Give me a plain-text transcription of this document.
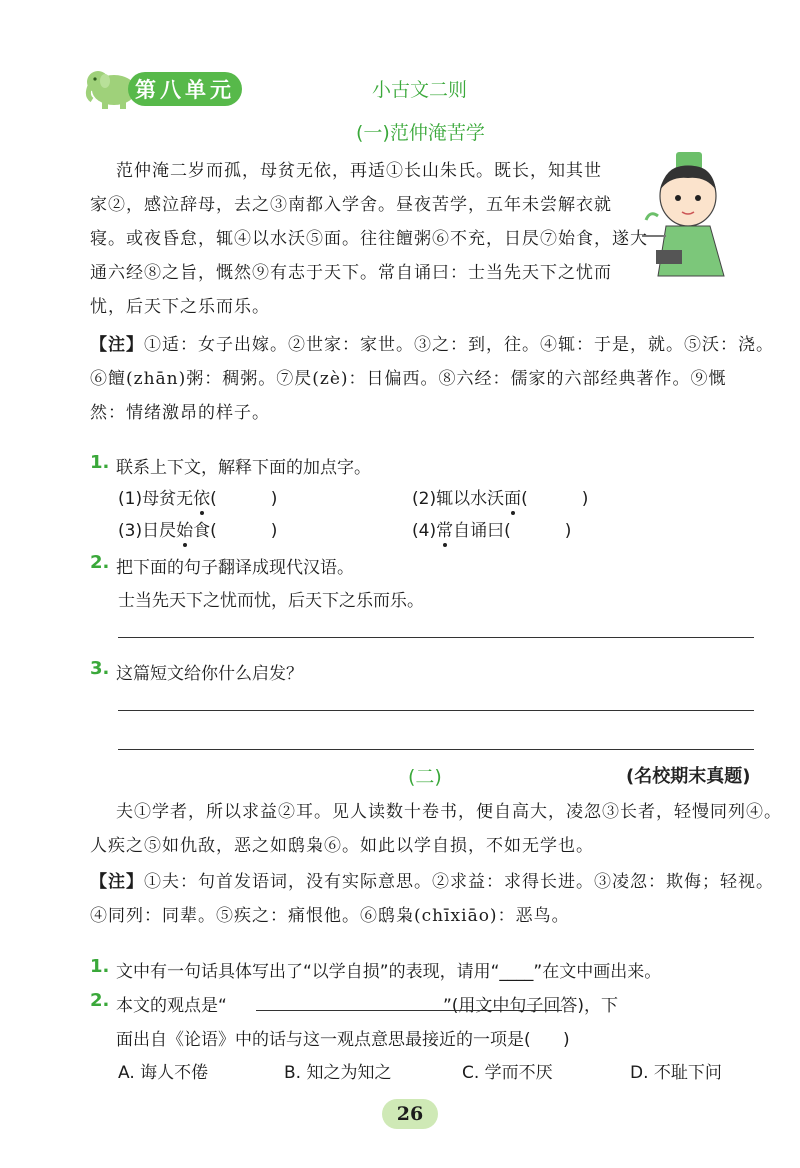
第八单元	小古文二则
(一)范仲淹苦学
范仲淹二岁而孤，母贫无依，再适①长山朱氏。既长，知其世
家②，感泣辞母，去之③南都入学舍。昼夜苦学，五年未尝解衣就
寝。或夜昏怠，辄④以水沃⑤面。往往饘粥⑥不充，日昃⑦始食，遂大
通六经⑧之旨，慨然⑨有志于天下。常自诵曰：士当先天下之忧而
忧，后天下之乐而乐。
【注】①适：女子出嫁。②世家：家世。③之：到，往。④辄：于是，就。⑤沃：浇。
⑥饘(zhān)粥：稠粥。⑦昃(zè)：日偏西。⑧六经：儒家的六部经典著作。⑨慨
然：情绪激昂的样子。
1. 联系上下文，解释下面的加点字。
(1)母贫无依(          )	(2)辄以水沃面(          )
(3)日昃始食(          )	(4)常自诵曰(          )
2. 把下面的句子翻译成现代汉语。
士当先天下之忧而忧，后天下之乐而乐。
3. 这篇短文给你什么启发？
(二)	(名校期末真题)
夫①学者，所以求益②耳。见人读数十卷书，便自高大，凌忽③长者，轻慢同列④。
人疾之⑤如仇敌，恶之如鸱枭⑥。如此以学自损，不如无学也。
【注】①夫：句首发语词，没有实际意思。②求益：求得长进。③凌忽：欺侮；轻视。
④同列：同辈。⑤疾之：痛恨他。⑥鸱枭(chīxiāo)：恶鸟。
1. 文中有一句话具体写出了“以学自损”的表现，请用“____”在文中画出来。
2. 本文的观点是“                                        ”(用文中句子回答)，下
面出自《论语》中的话与这一观点意思最接近的一项是(      )
A. 诲人不倦	B. 知之为知之	C. 学而不厌	D. 不耻下问
26
